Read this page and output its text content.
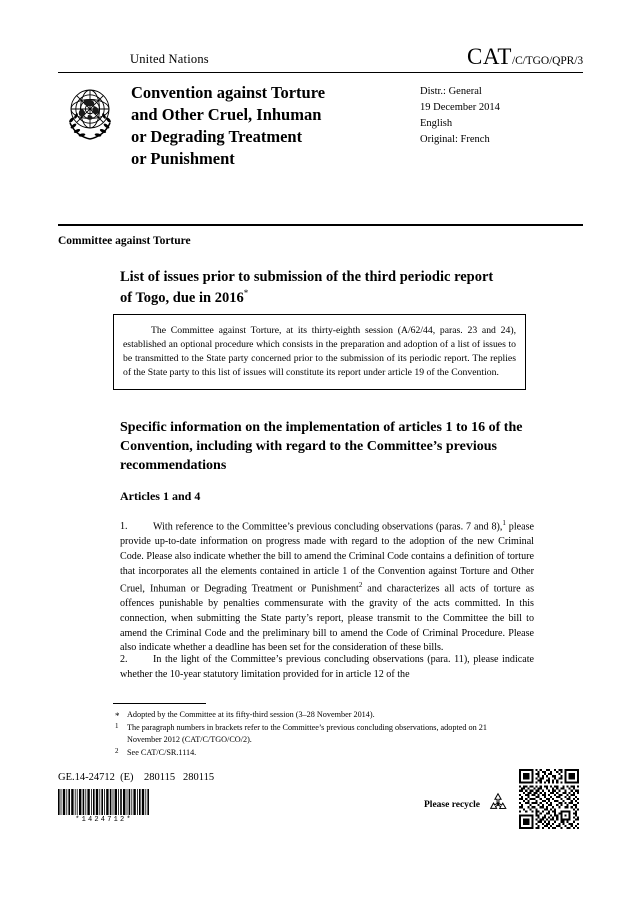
United Nations	CAT/C/TGO/QPR/3
Convention against Torture
and Other Cruel, Inhuman
or Degrading Treatment
or Punishment
Distr.: General
19 December 2014
English
Original: French
Committee against Torture
List of issues prior to submission of the third periodic report
of Togo, due in 2016*

The Committee against Torture, at its thirty-eighth session (A/62/44, paras. 23 and 24), established an optional procedure which consists in the preparation and adoption of a list of issues to be transmitted to the State party concerned prior to the submission of its periodic report. The replies of the State party to this list of issues will constitute its report under article 19 of the Convention.

Specific information on the implementation of articles 1 to 16 of the Convention, including with regard to the Committee’s previous recommendations
Articles 1 and 4
1.	With reference to the Committee’s previous concluding observations (paras. 7 and 8),$^1$ please provide up-to-date information on progress made with regard to the adoption of the new Criminal Code. Please also indicate whether the bill to amend the Criminal Code contains a definition of torture that incorporates all the elements contained in article 1 of the Convention against Torture and Other Cruel, Inhuman or Degrading Treatment or Punishment$^2$ and characterizes all acts of torture as offences punishable by penalties commensurate with the gravity of the acts committed. In this connection, when submitting the State party’s report, please transmit to the Committee the bill to amend the Criminal Code and the preliminary bill to amend the Code of Criminal Procedure. Please also indicate whether a deadline has been set for the consideration of these bills.
2.	In the light of the Committee’s previous concluding observations (para. 11), please indicate whether the 10-year statutory limitation provided for in article 12 of the
* Adopted by the Committee at its fifty-third session (3–28 November 2014).
1 The paragraph numbers in brackets refer to the Committee’s previous concluding observations, adopted on 21 November 2012 (CAT/C/TGO/CO/2).
2 See CAT/C/SR.1114.
GE.14-24712  (E)    280115   280115
*1424712*
Please recycle
